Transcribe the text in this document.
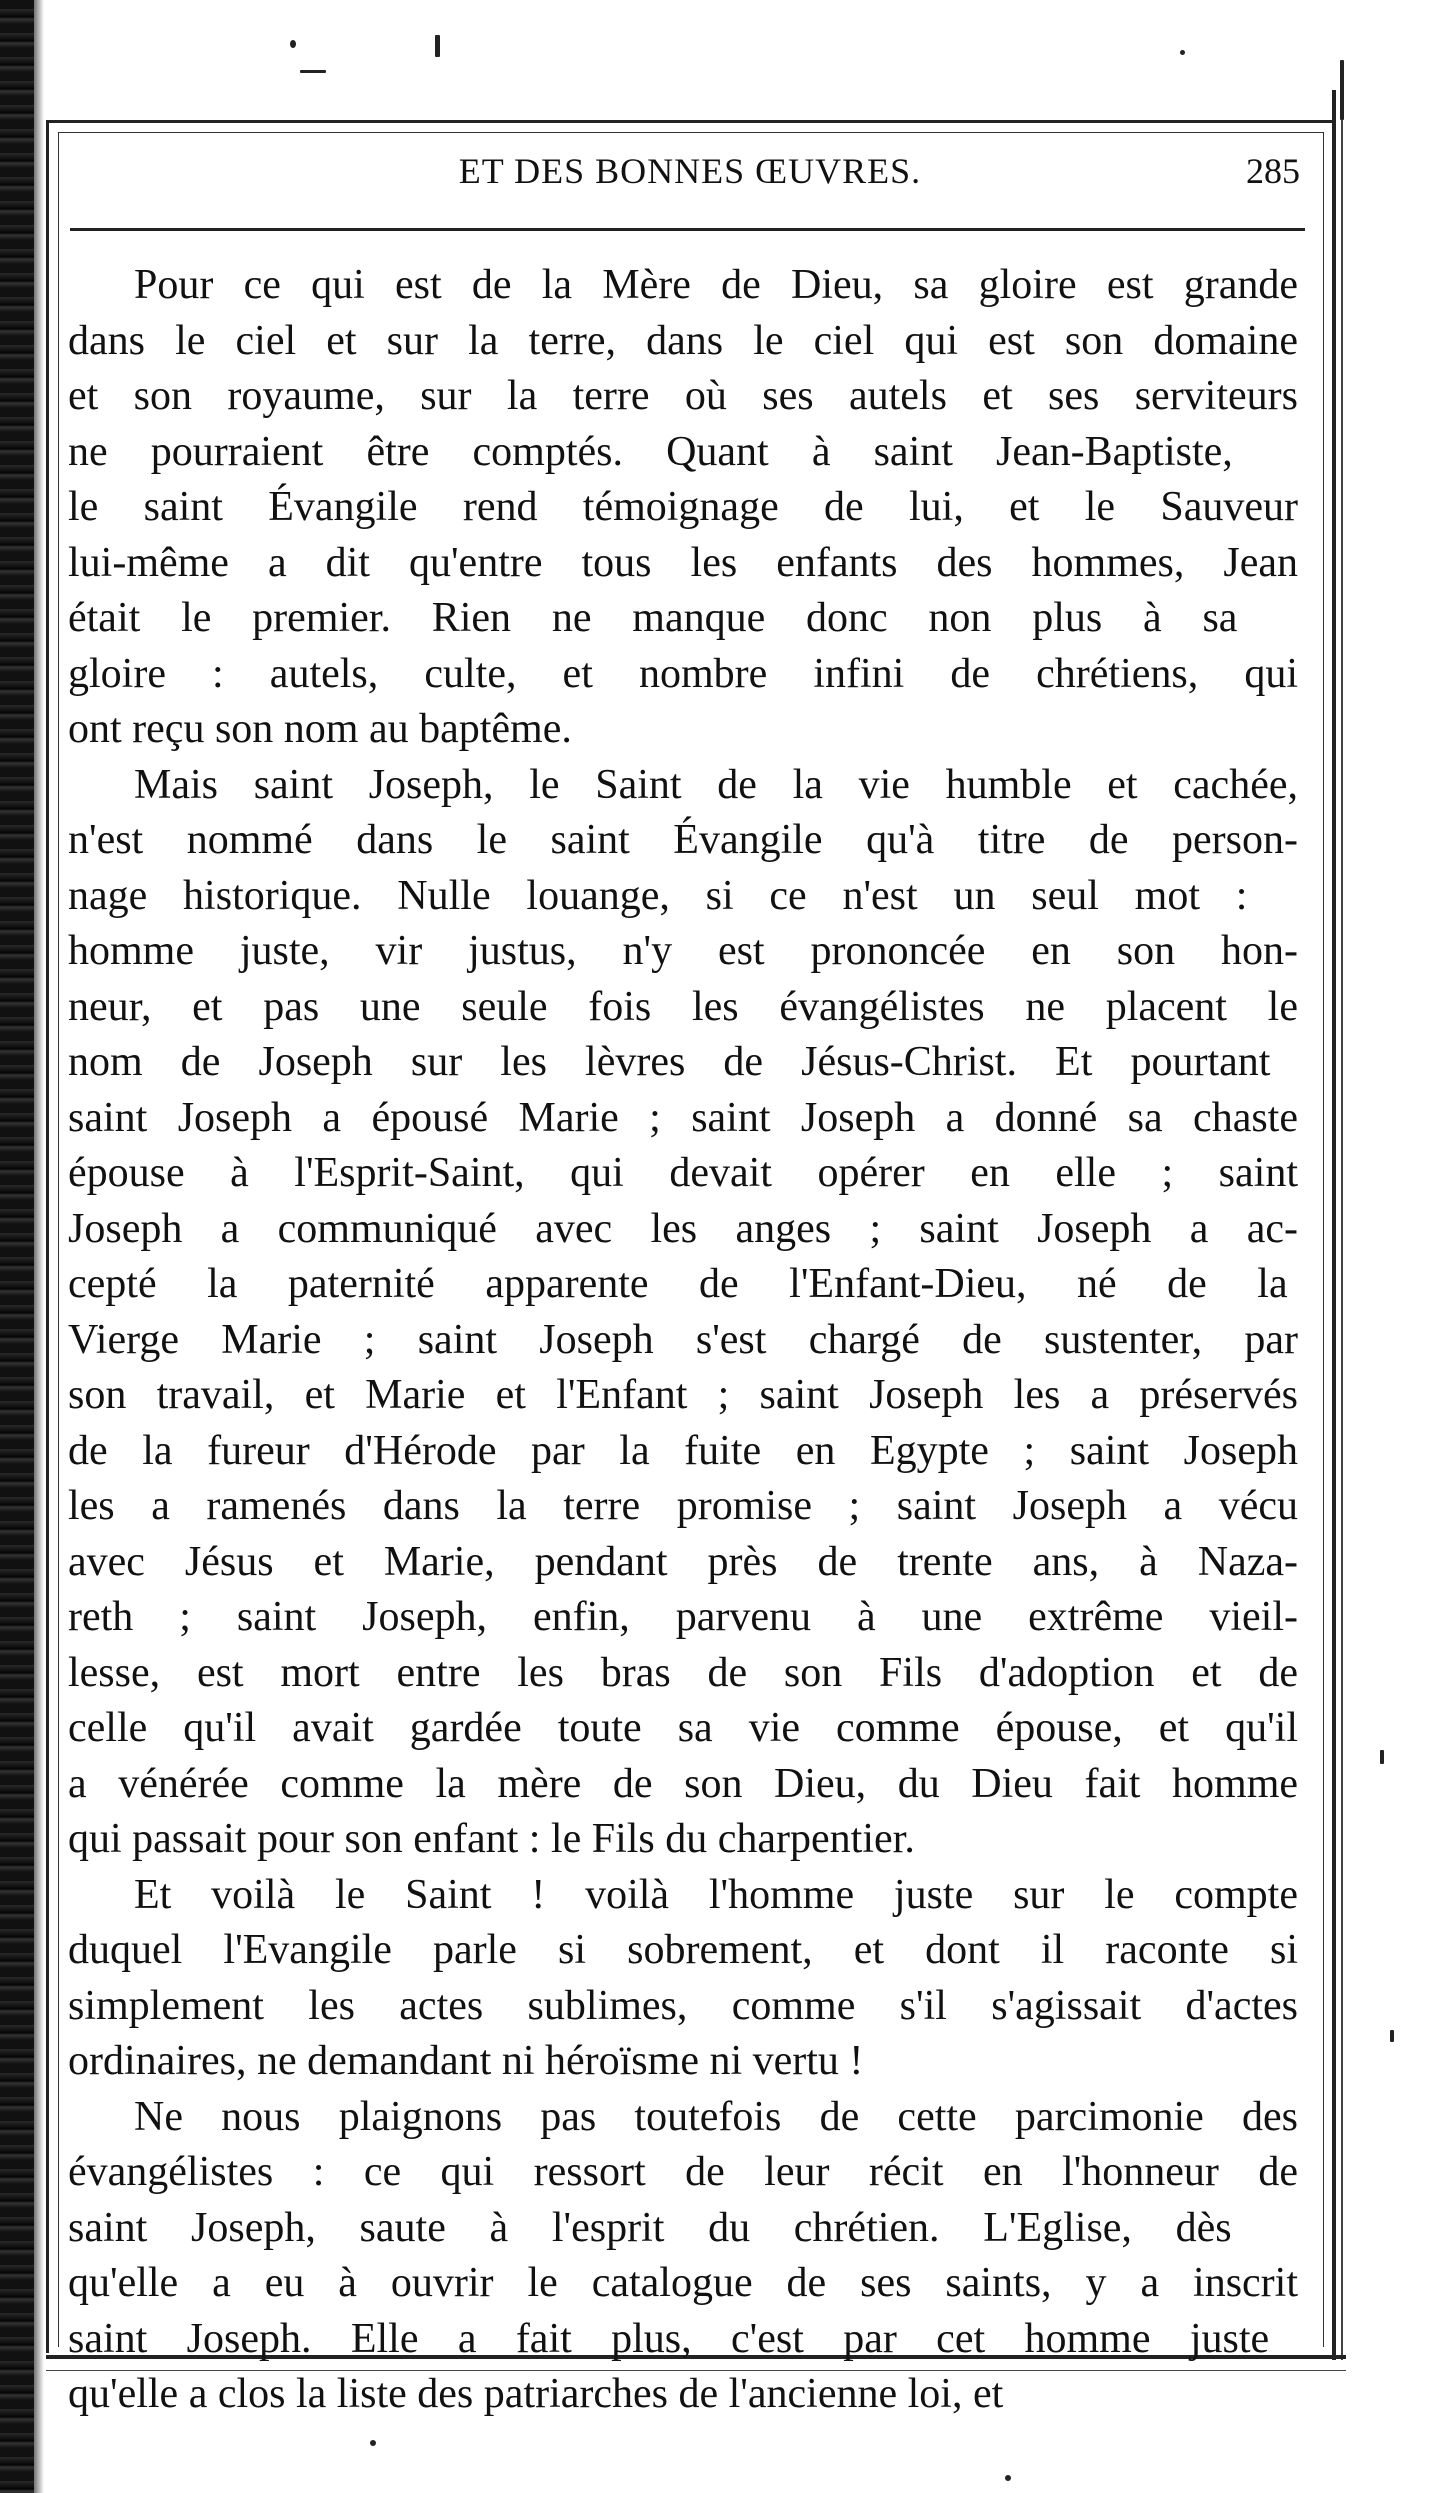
ET DES BONNES ŒUVRES.	285
Pour ce qui est de la Mère de Dieu, sa gloire est grande
dans le ciel et sur la terre, dans le ciel qui est son domaine
et son royaume, sur la terre où ses autels et ses serviteurs
ne pourraient être comptés. Quant à saint Jean-Baptiste,
le saint Évangile rend témoignage de lui, et le Sauveur
lui-même a dit qu'entre tous les enfants des hommes, Jean
était le premier. Rien ne manque donc non plus à sa
gloire : autels, culte, et nombre infini de chrétiens, qui
ont reçu son nom au baptême.
Mais saint Joseph, le Saint de la vie humble et cachée,
n'est nommé dans le saint Évangile qu'à titre de person-
nage historique. Nulle louange, si ce n'est un seul mot :
homme juste, vir justus, n'y est prononcée en son hon-
neur, et pas une seule fois les évangélistes ne placent le
nom de Joseph sur les lèvres de Jésus-Christ. Et pourtant
saint Joseph a épousé Marie ; saint Joseph a donné sa chaste
épouse à l'Esprit-Saint, qui devait opérer en elle ; saint
Joseph a communiqué avec les anges ; saint Joseph a ac-
cepté la paternité apparente de l'Enfant-Dieu, né de la
Vierge Marie ; saint Joseph s'est chargé de sustenter, par
son travail, et Marie et l'Enfant ; saint Joseph les a préservés
de la fureur d'Hérode par la fuite en Egypte ; saint Joseph
les a ramenés dans la terre promise ; saint Joseph a vécu
avec Jésus et Marie, pendant près de trente ans, à Naza-
reth ; saint Joseph, enfin, parvenu à une extrême vieil-
lesse, est mort entre les bras de son Fils d'adoption et de
celle qu'il avait gardée toute sa vie comme épouse, et qu'il
a vénérée comme la mère de son Dieu, du Dieu fait homme
qui passait pour son enfant : le Fils du charpentier.
Et voilà le Saint ! voilà l'homme juste sur le compte
duquel l'Evangile parle si sobrement, et dont il raconte si
simplement les actes sublimes, comme s'il s'agissait d'actes
ordinaires, ne demandant ni héroïsme ni vertu !
Ne nous plaignons pas toutefois de cette parcimonie des
évangélistes : ce qui ressort de leur récit en l'honneur de
saint Joseph, saute à l'esprit du chrétien. L'Eglise, dès
qu'elle a eu à ouvrir le catalogue de ses saints, y a inscrit
saint Joseph. Elle a fait plus, c'est par cet homme juste
qu'elle a clos la liste des patriarches de l'ancienne loi, et
